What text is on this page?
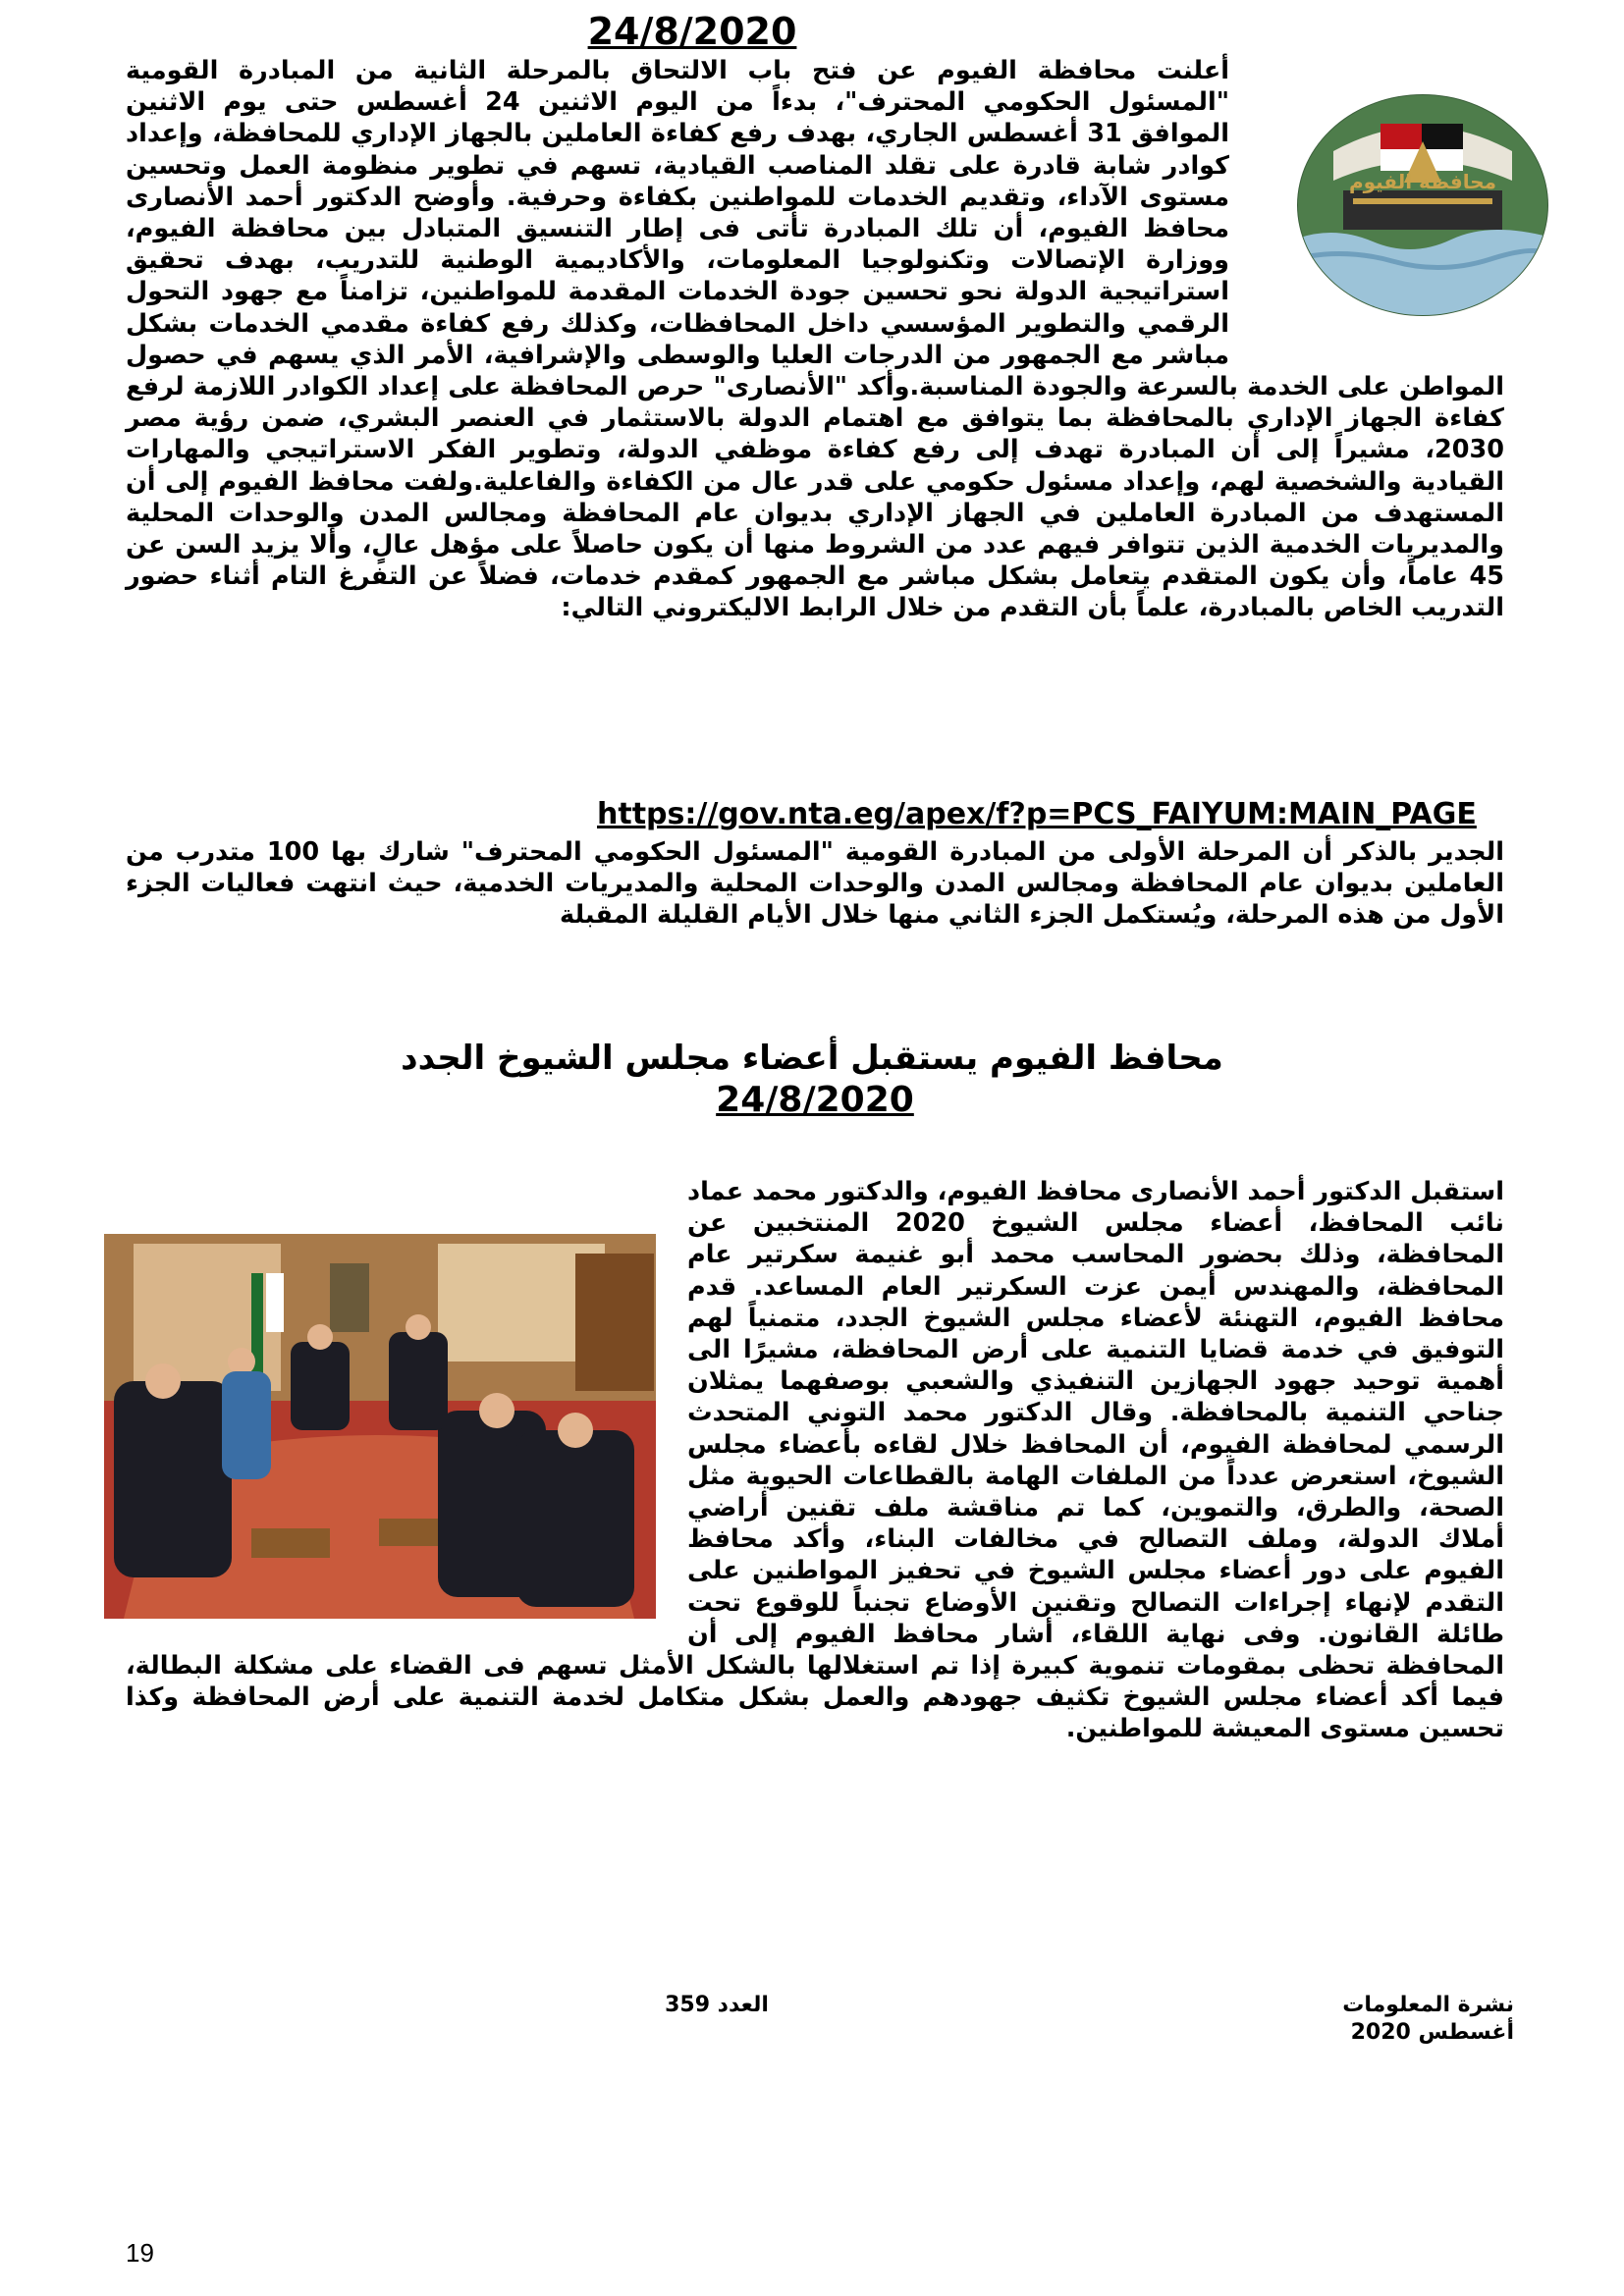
24/8/2020
محافظة الفيوم

أعلنت محافظة الفيوم عن فتح باب الالتحاق بالمرحلة الثانية من المبادرة القومية "المسئول الحكومي المحترف"، بدءاً من اليوم الاثنين 24 أغسطس حتى يوم الاثنين الموافق 31 أغسطس الجاري، بهدف رفع كفاءة العاملين بالجهاز الإداري للمحافظة، وإعداد كوادر شابة قادرة على تقلد المناصب القيادية، تسهم في تطوير منظومة العمل وتحسين مستوى الآداء، وتقديم الخدمات للمواطنين بكفاءة وحرفية. وأوضح الدكتور أحمد الأنصارى محافظ الفيوم، أن تلك المبادرة تأتى فى إطار التنسيق المتبادل بين محافظة الفيوم، ووزارة الإتصالات وتكنولوجيا المعلومات، والأكاديمية الوطنية للتدريب، بهدف تحقيق استراتيجية الدولة نحو تحسين جودة الخدمات المقدمة للمواطنين، تزامناً مع جهود التحول الرقمي والتطوير المؤسسي داخل المحافظات، وكذلك رفع كفاءة مقدمي الخدمات بشكل مباشر مع الجمهور من الدرجات العليا والوسطى والإشرافية، الأمر الذي يسهم في حصول المواطن على الخدمة بالسرعة والجودة المناسبة.وأكد "الأنصارى" حرص المحافظة على إعداد الكوادر اللازمة لرفع كفاءة الجهاز الإداري بالمحافظة بما يتوافق مع اهتمام الدولة بالاستثمار في العنصر البشري، ضمن رؤية مصر 2030، مشيراً إلى أن المبادرة تهدف إلى رفع كفاءة موظفي الدولة، وتطوير الفكر الاستراتيجي والمهارات القيادية والشخصية لهم، وإعداد مسئول حكومي على قدر عال من الكفاءة والفاعلية.ولفت محافظ الفيوم إلى أن المستهدف من المبادرة العاملين في الجهاز الإداري بديوان عام المحافظة ومجالس المدن والوحدات المحلية والمديريات الخدمية الذين تتوافر فيهم عدد من الشروط منها أن يكون حاصلاً على مؤهل عالٍ، وألا يزيد السن عن 45 عاماً، وأن يكون المتقدم يتعامل بشكل مباشر مع الجمهور كمقدم خدمات، فضلاً عن التفرغ التام أثناء حضور التدريب الخاص بالمبادرة، علماً بأن التقدم من خلال الرابط الاليكتروني التالي:

https://gov.nta.eg/apex/f?p=PCS_FAIYUM:MAIN_PAGE

الجدير بالذكر أن المرحلة الأولى من المبادرة القومية "المسئول الحكومي المحترف" شارك بها 100 متدرب من العاملين بديوان عام المحافظة ومجالس المدن والوحدات المحلية والمديريات الخدمية، حيث انتهت فعاليات الجزء الأول من هذه المرحلة، ويُستكمل الجزء الثاني منها خلال الأيام القليلة المقبلة

محافظ الفيوم يستقبل أعضاء مجلس الشيوخ الجدد
24/8/2020

استقبل الدكتور أحمد الأنصارى محافظ الفيوم، والدكتور محمد عماد نائب المحافظ، أعضاء مجلس الشيوخ 2020 المنتخبين عن المحافظة، وذلك بحضور المحاسب محمد أبو غنيمة سكرتير عام المحافظة، والمهندس أيمن عزت السكرتير العام المساعد. قدم محافظ الفيوم، التهنئة لأعضاء مجلس الشيوخ الجدد، متمنياً لهم التوفيق في خدمة قضايا التنمية على أرض المحافظة، مشيرًا الى أهمية توحيد جهود الجهازين التنفيذي والشعبي بوصفهما يمثلان جناحي التنمية بالمحافظة. وقال الدكتور محمد التوني المتحدث الرسمي لمحافظة الفيوم، أن المحافظ خلال لقاءه بأعضاء مجلس الشيوخ، استعرض عدداً من الملفات الهامة بالقطاعات الحيوية مثل الصحة، والطرق، والتموين، كما تم مناقشة ملف تقنين أراضي أملاك الدولة، وملف التصالح في مخالفات البناء، وأكد محافظ الفيوم على دور أعضاء مجلس الشيوخ في تحفيز المواطنين على التقدم لإنهاء إجراءات التصالح وتقنين الأوضاع تجنباً للوقوع تحت طائلة القانون. وفى نهاية اللقاء، أشار محافظ الفيوم إلى أن المحافظة تحظى بمقومات تنموية كبيرة إذا تم استغلالها بالشكل الأمثل تسهم فى القضاء على مشكلة البطالة، فيما أكد أعضاء مجلس الشيوخ تكثيف جهودهم والعمل بشكل متكامل لخدمة التنمية على أرض المحافظة وكذا تحسين مستوى المعيشة للمواطنين.

نشرة المعلومات
أغسطس 2020
العدد 359
19
